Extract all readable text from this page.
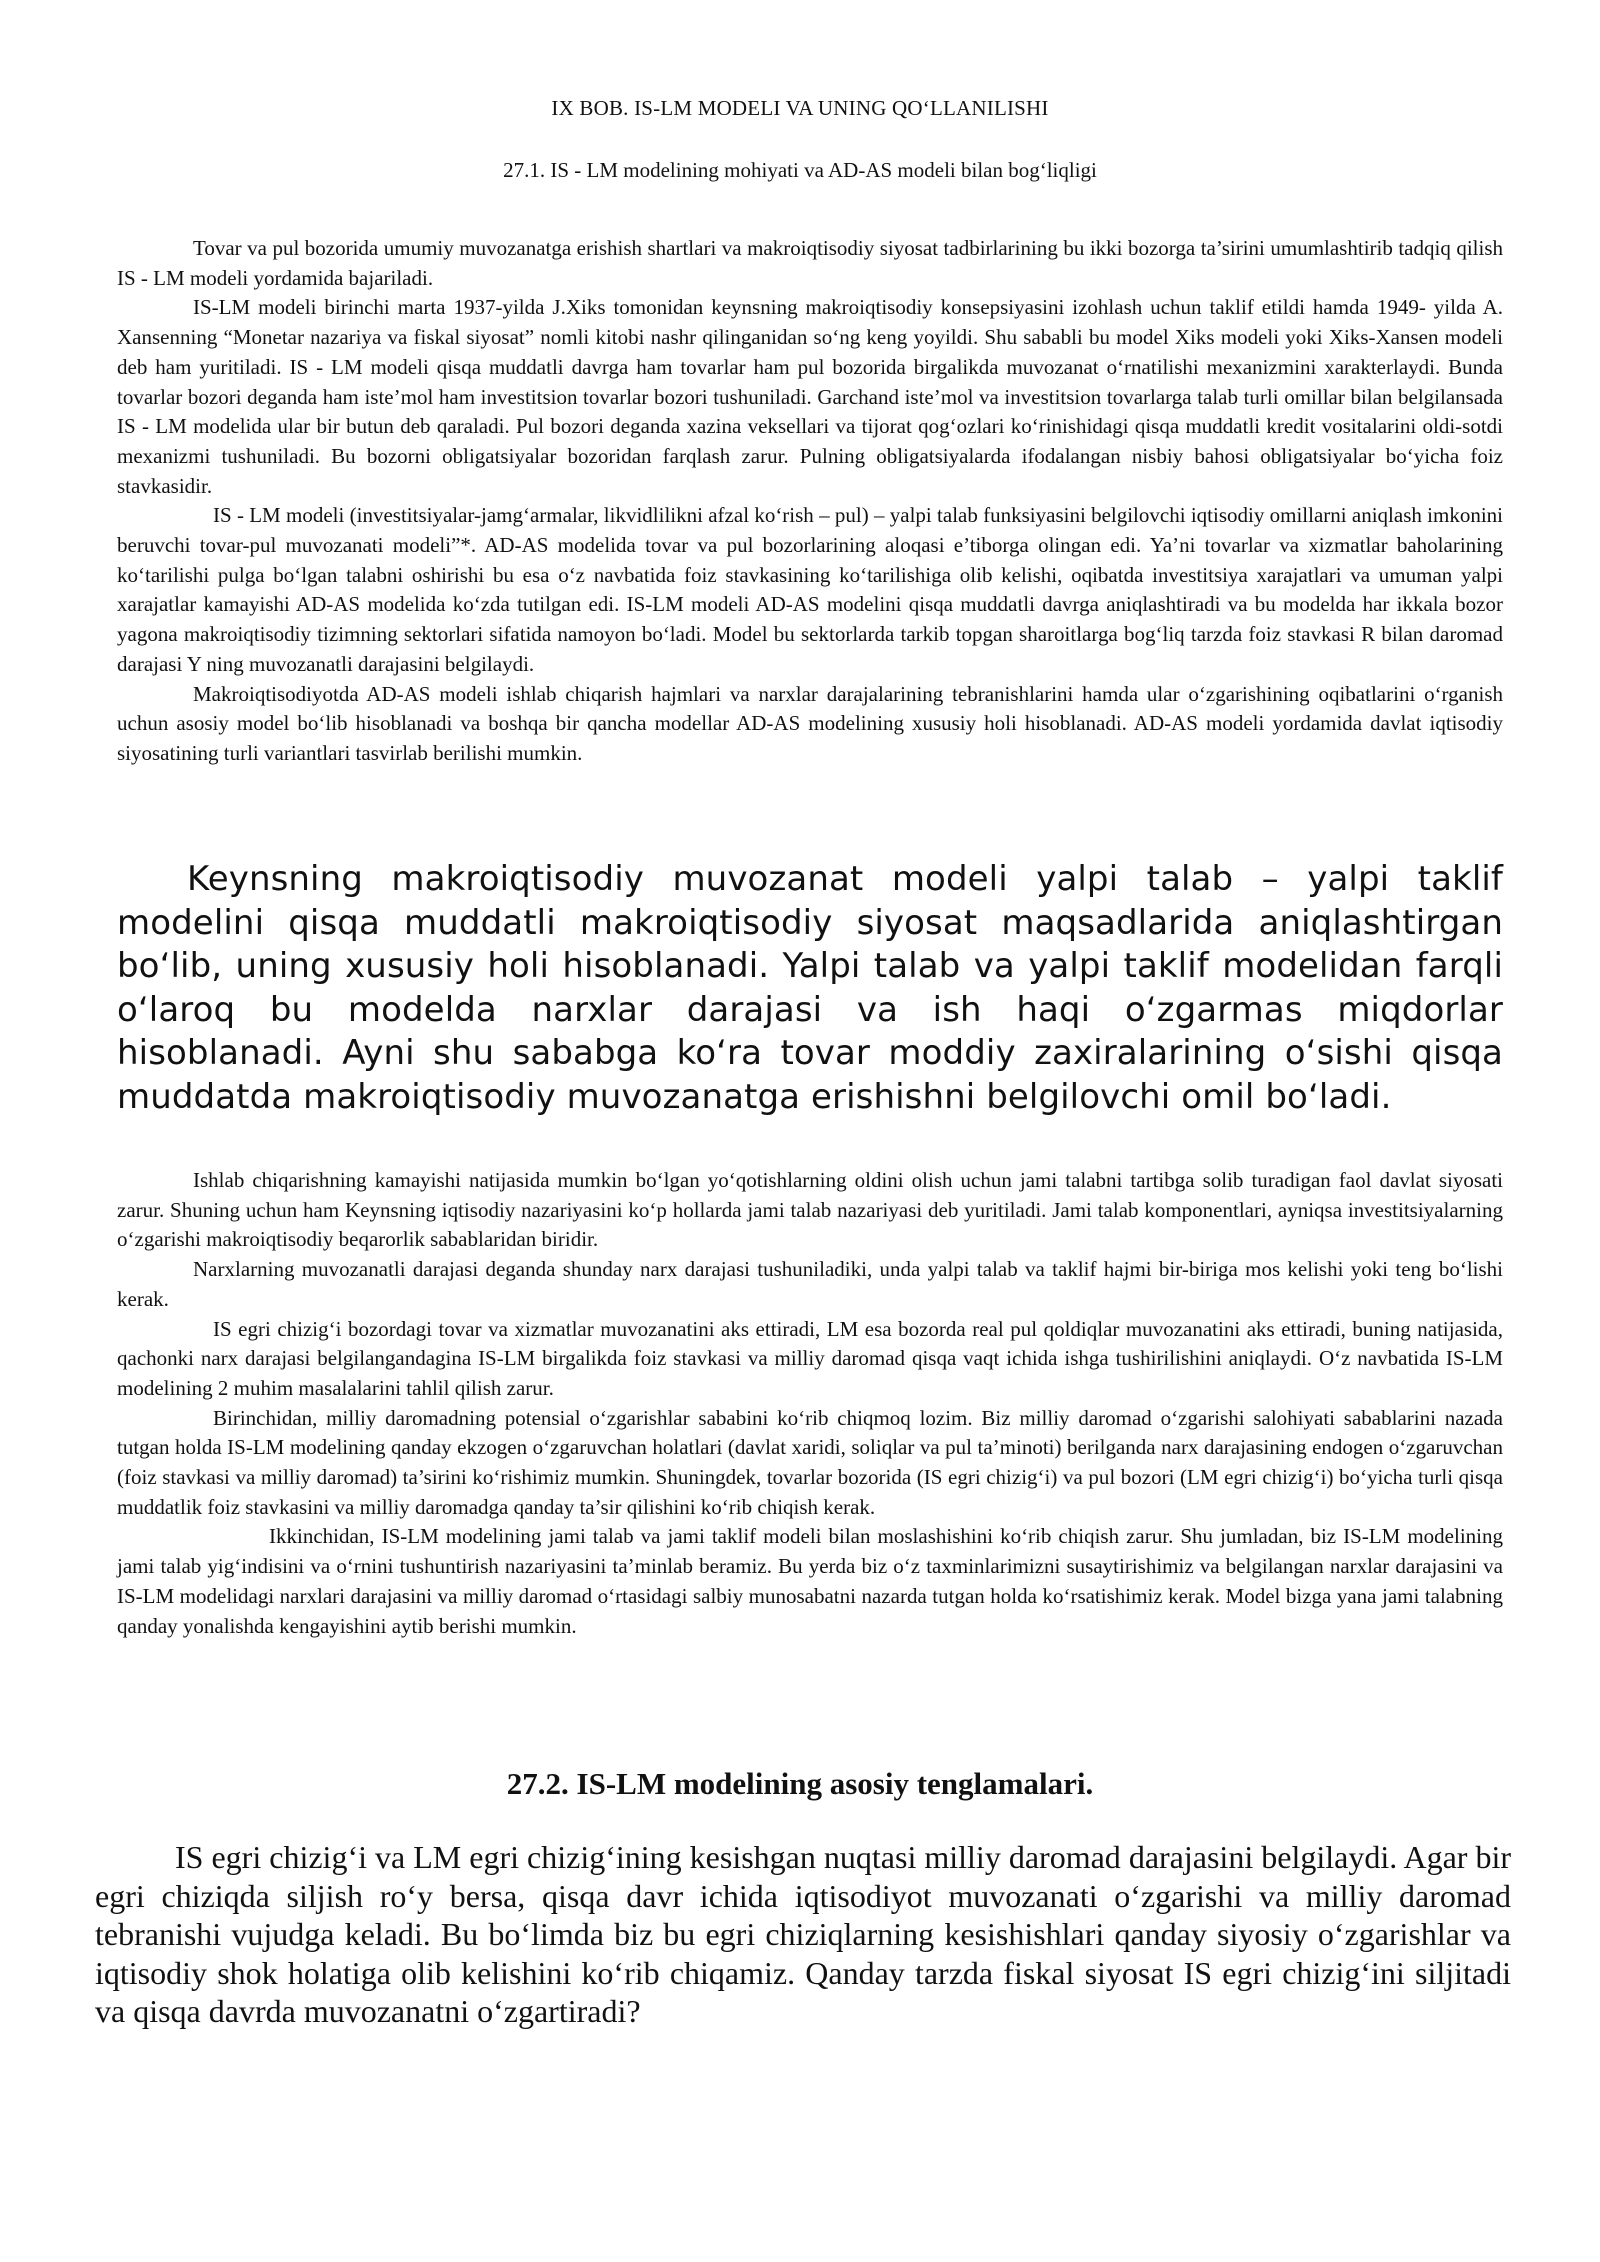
IX BOB. IS-LM MODELI VA UNING QO‘LLANILISHI
27.1. IS - LM modelining mohiyati va AD-AS modeli bilan bog‘liqligi

Tovar va pul bozorida umumiy muvozanatga erishish shartlari va makroiqtisodiy siyosat tadbirlarining bu ikki bozorga ta’sirini umumlashtirib tadqiq qilish IS - LM modeli yordamida bajariladi.

IS-LM modeli birinchi marta 1937-yilda J.Xiks tomonidan keynsning makroiqtisodiy konsepsiyasini izohlash uchun taklif etildi hamda 1949- yilda A. Xansenning “Monetar nazariya va fiskal siyosat” nomli kitobi nashr qilinganidan so‘ng keng yoyildi. Shu sababli bu model Xiks modeli yoki Xiks-Xansen modeli deb ham yuritiladi. IS - LM modeli qisqa muddatli davrga ham tovarlar ham pul bozorida birgalikda muvozanat o‘rnatilishi mexanizmini xarakterlaydi. Bunda tovarlar bozori deganda ham iste’mol ham investitsion tovarlar bozori tushuniladi. Garchand iste’mol va investitsion tovarlarga talab turli omillar bilan belgilansada IS - LM modelida ular bir butun deb qaraladi. Pul bozori deganda xazina veksellari va tijorat qog‘ozlari ko‘rinishidagi qisqa muddatli kredit vositalarini oldi-sotdi mexanizmi tushuniladi. Bu bozorni obligatsiyalar bozoridan farqlash zarur. Pulning obligatsiyalarda ifodalangan nisbiy bahosi obligatsiyalar bo‘yicha foiz stavkasidir.

IS - LM modeli (investitsiyalar-jamg‘armalar, likvidlilikni afzal ko‘rish – pul) – yalpi talab funksiyasini belgilovchi iqtisodiy omillarni aniqlash imkonini beruvchi tovar-pul muvozanati modeli”*. AD-AS modelida tovar va pul bozorlarining aloqasi e’tiborga olingan edi. Ya’ni tovarlar va xizmatlar baholarining ko‘tarilishi pulga bo‘lgan talabni oshirishi bu esa o‘z navbatida foiz stavkasining ko‘tarilishiga olib kelishi, oqibatda investitsiya xarajatlari va umuman yalpi xarajatlar kamayishi AD-AS modelida ko‘zda tutilgan edi. IS-LM modeli AD-AS modelini qisqa muddatli davrga aniqlashtiradi va bu modelda har ikkala bozor yagona makroiqtisodiy tizimning sektorlari sifatida namoyon bo‘ladi. Model bu sektorlarda tarkib topgan sharoitlarga bog‘liq tarzda foiz stavkasi R bilan daromad darajasi Y ning muvozanatli darajasini belgilaydi.

Makroiqtisodiyotda AD-AS modeli ishlab chiqarish hajmlari va narxlar darajalarining tebranishlarini hamda ular o‘zgarishining oqibatlarini o‘rganish uchun asosiy model bo‘lib hisoblanadi va boshqa bir qancha modellar AD-AS modelining xususiy holi hisoblanadi. AD-AS modeli yordamida davlat iqtisodiy siyosatining turli variantlari tasvirlab berilishi mumkin.

Keynsning makroiqtisodiy muvozanat modeli yalpi talab – yalpi taklif modelini qisqa muddatli makroiqtisodiy siyosat maqsadlarida aniqlashtirgan bo‘lib, uning xususiy holi hisoblanadi. Yalpi talab va yalpi taklif modelidan farqli o‘laroq bu modelda narxlar darajasi va ish haqi o‘zgarmas miqdorlar hisoblanadi. Ayni shu sababga ko‘ra tovar moddiy zaxiralarining o‘sishi qisqa muddatda makroiqtisodiy muvozanatga erishishni belgilovchi omil bo‘ladi.

Ishlab chiqarishning kamayishi natijasida mumkin bo‘lgan yo‘qotishlarning oldini olish uchun jami talabni tartibga solib turadigan faol davlat siyosati zarur. Shuning uchun ham Keynsning iqtisodiy nazariyasini ko‘p hollarda jami talab nazariyasi deb yuritiladi. Jami talab komponentlari, ayniqsa investitsiyalarning o‘zgarishi makroiqtisodiy beqarorlik sabablaridan biridir.

Narxlarning muvozanatli darajasi deganda shunday narx darajasi tushuniladiki, unda yalpi talab va taklif hajmi bir-biriga mos kelishi yoki teng bo‘lishi kerak.

IS egri chizig‘i bozordagi tovar va xizmatlar muvozanatini aks ettiradi, LM esa bozorda real pul qoldiqlar muvozanatini aks ettiradi, buning natijasida, qachonki narx darajasi belgilangandagina IS-LM birgalikda foiz stavkasi va milliy daromad qisqa vaqt ichida ishga tushirilishini aniqlaydi. O‘z navbatida IS-LM modelining 2 muhim masalalarini tahlil qilish zarur.

Birinchidan, milliy daromadning potensial o‘zgarishlar sababini ko‘rib chiqmoq lozim. Biz milliy daromad o‘zgarishi salohiyati sabablarini nazada tutgan holda IS-LM modelining qanday ekzogen o‘zgaruvchan holatlari (davlat xaridi, soliqlar va pul ta’minoti) berilganda narx darajasining endogen o‘zgaruvchan (foiz stavkasi va milliy daromad) ta’sirini ko‘rishimiz mumkin. Shuningdek, tovarlar bozorida (IS egri chizig‘i) va pul bozori (LM egri chizig‘i) bo‘yicha turli qisqa muddatlik foiz stavkasini va milliy daromadga qanday ta’sir qilishini ko‘rib chiqish kerak.

Ikkinchidan, IS-LM modelining jami talab va jami taklif modeli bilan moslashishini ko‘rib chiqish zarur. Shu jumladan, biz IS-LM modelining jami talab yig‘indisini va o‘rnini tushuntirish nazariyasini ta’minlab beramiz. Bu yerda biz o‘z taxminlarimizni susaytirishimiz va belgilangan narxlar darajasini va IS-LM modelidagi narxlari darajasini va milliy daromad o‘rtasidagi salbiy munosabatni nazarda tutgan holda ko‘rsatishimiz kerak. Model bizga yana jami talabning qanday yonalishda kengayishini aytib berishi mumkin.

27.2. IS-LM modelining asosiy tenglamalari.

IS egri chizig‘i va LM egri chizig‘ining kesishgan nuqtasi milliy daromad darajasini belgilaydi. Agar bir egri chiziqda siljish ro‘y bersa, qisqa davr ichida iqtisodiyot muvozanati o‘zgarishi va milliy daromad tebranishi vujudga keladi. Bu bo‘limda biz bu egri chiziqlarning kesishishlari qanday siyosiy o‘zgarishlar va iqtisodiy shok holatiga olib kelishini ko‘rib chiqamiz. Qanday tarzda fiskal siyosat IS egri chizig‘ini siljitadi va qisqa davrda muvozanatni o‘zgartiradi?
